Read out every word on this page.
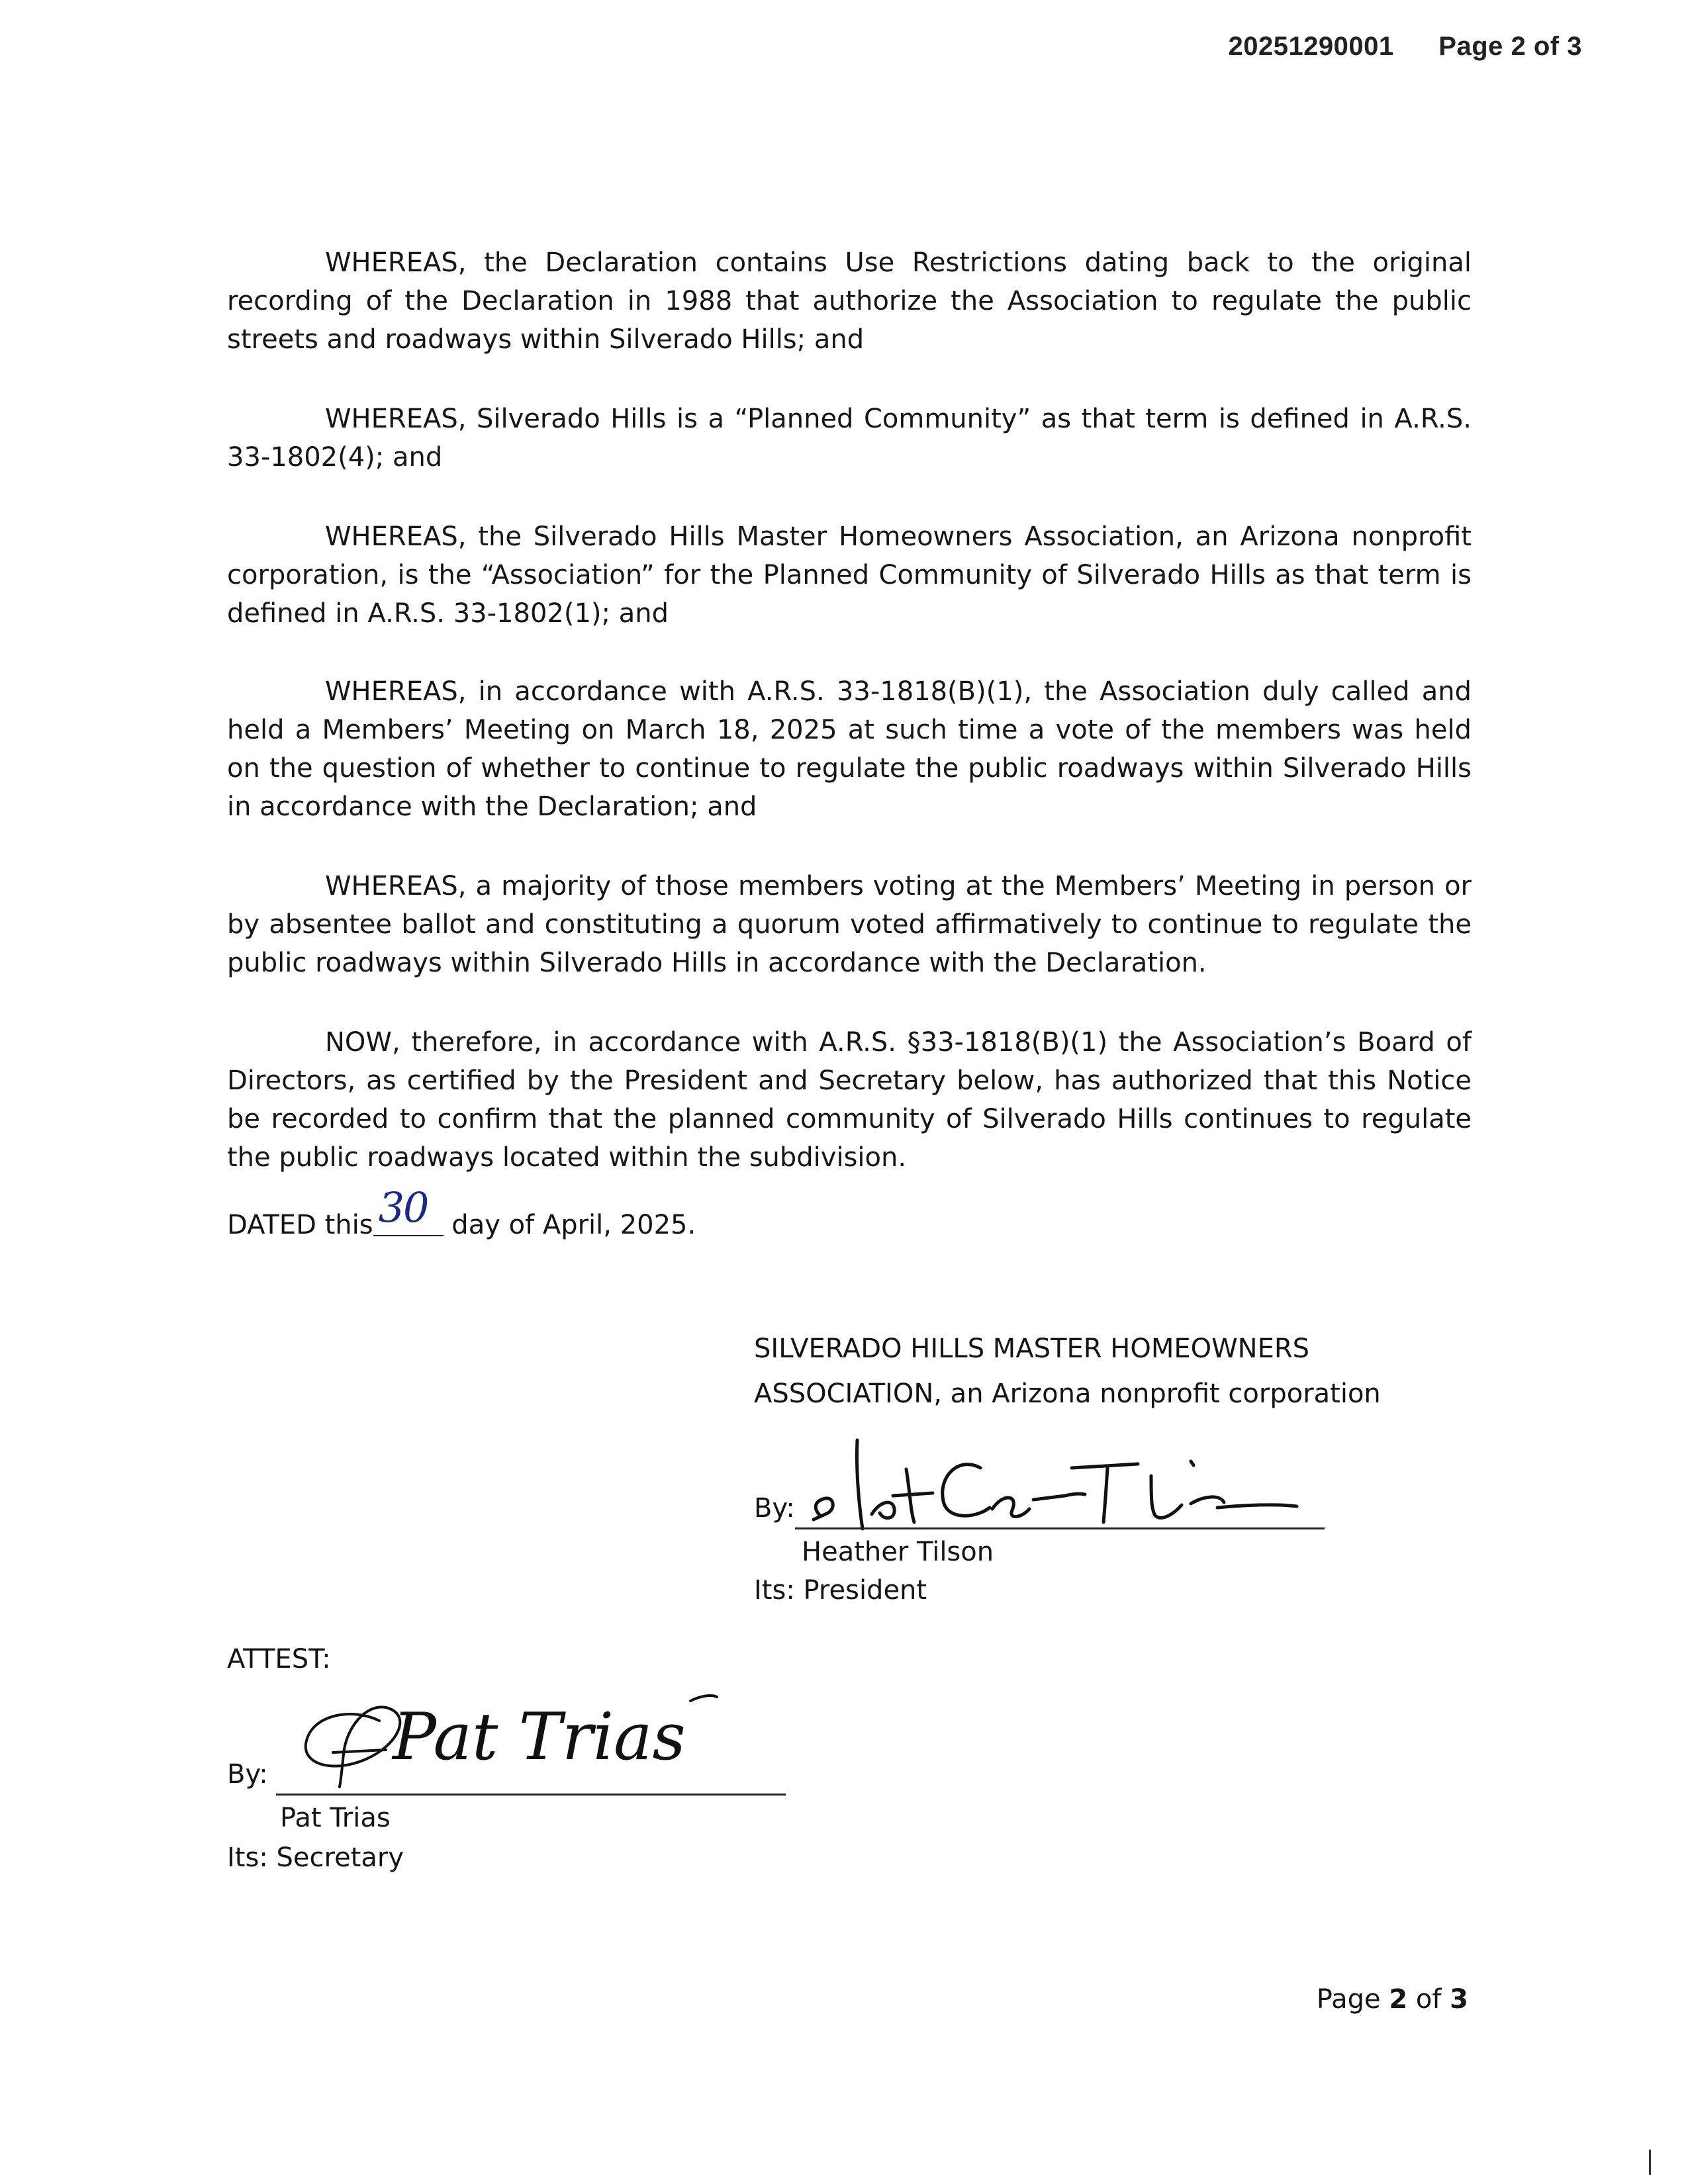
20251290001 Page 2 of 3

WHEREAS, the Declaration contains Use Restrictions dating back to the original recording of the Declaration in 1988 that authorize the Association to regulate the public streets and roadways within Silverado Hills; and

WHEREAS, Silverado Hills is a “Planned Community” as that term is defined in A.R.S. 33-1802(4); and

WHEREAS, the Silverado Hills Master Homeowners Association, an Arizona nonprofit corporation, is the “Association” for the Planned Community of Silverado Hills as that term is defined in A.R.S. 33-1802(1); and

WHEREAS, in accordance with A.R.S. 33-1818(B)(1), the Association duly called and held a Members’ Meeting on March 18, 2025 at such time a vote of the members was held on the question of whether to continue to regulate the public roadways within Silverado Hills in accordance with the Declaration; and

WHEREAS, a majority of those members voting at the Members’ Meeting in person or by absentee ballot and constituting a quorum voted affirmatively to continue to regulate the public roadways within Silverado Hills in accordance with the Declaration.

NOW, therefore, in accordance with A.R.S. §33-1818(B)(1) the Association’s Board of Directors, as certified by the President and Secretary below, has authorized that this Notice be recorded to confirm that the planned community of Silverado Hills continues to regulate the public roadways located within the subdivision.

DATED this 30 day of April, 2025.
SILVERADO HILLS MASTER HOMEOWNERS
ASSOCIATION, an Arizona nonprofit corporation
By:
Heather Tilson
Its: President
ATTEST:
By: Pat Trias
Pat Trias
Its: Secretary
Page 2 of 3
